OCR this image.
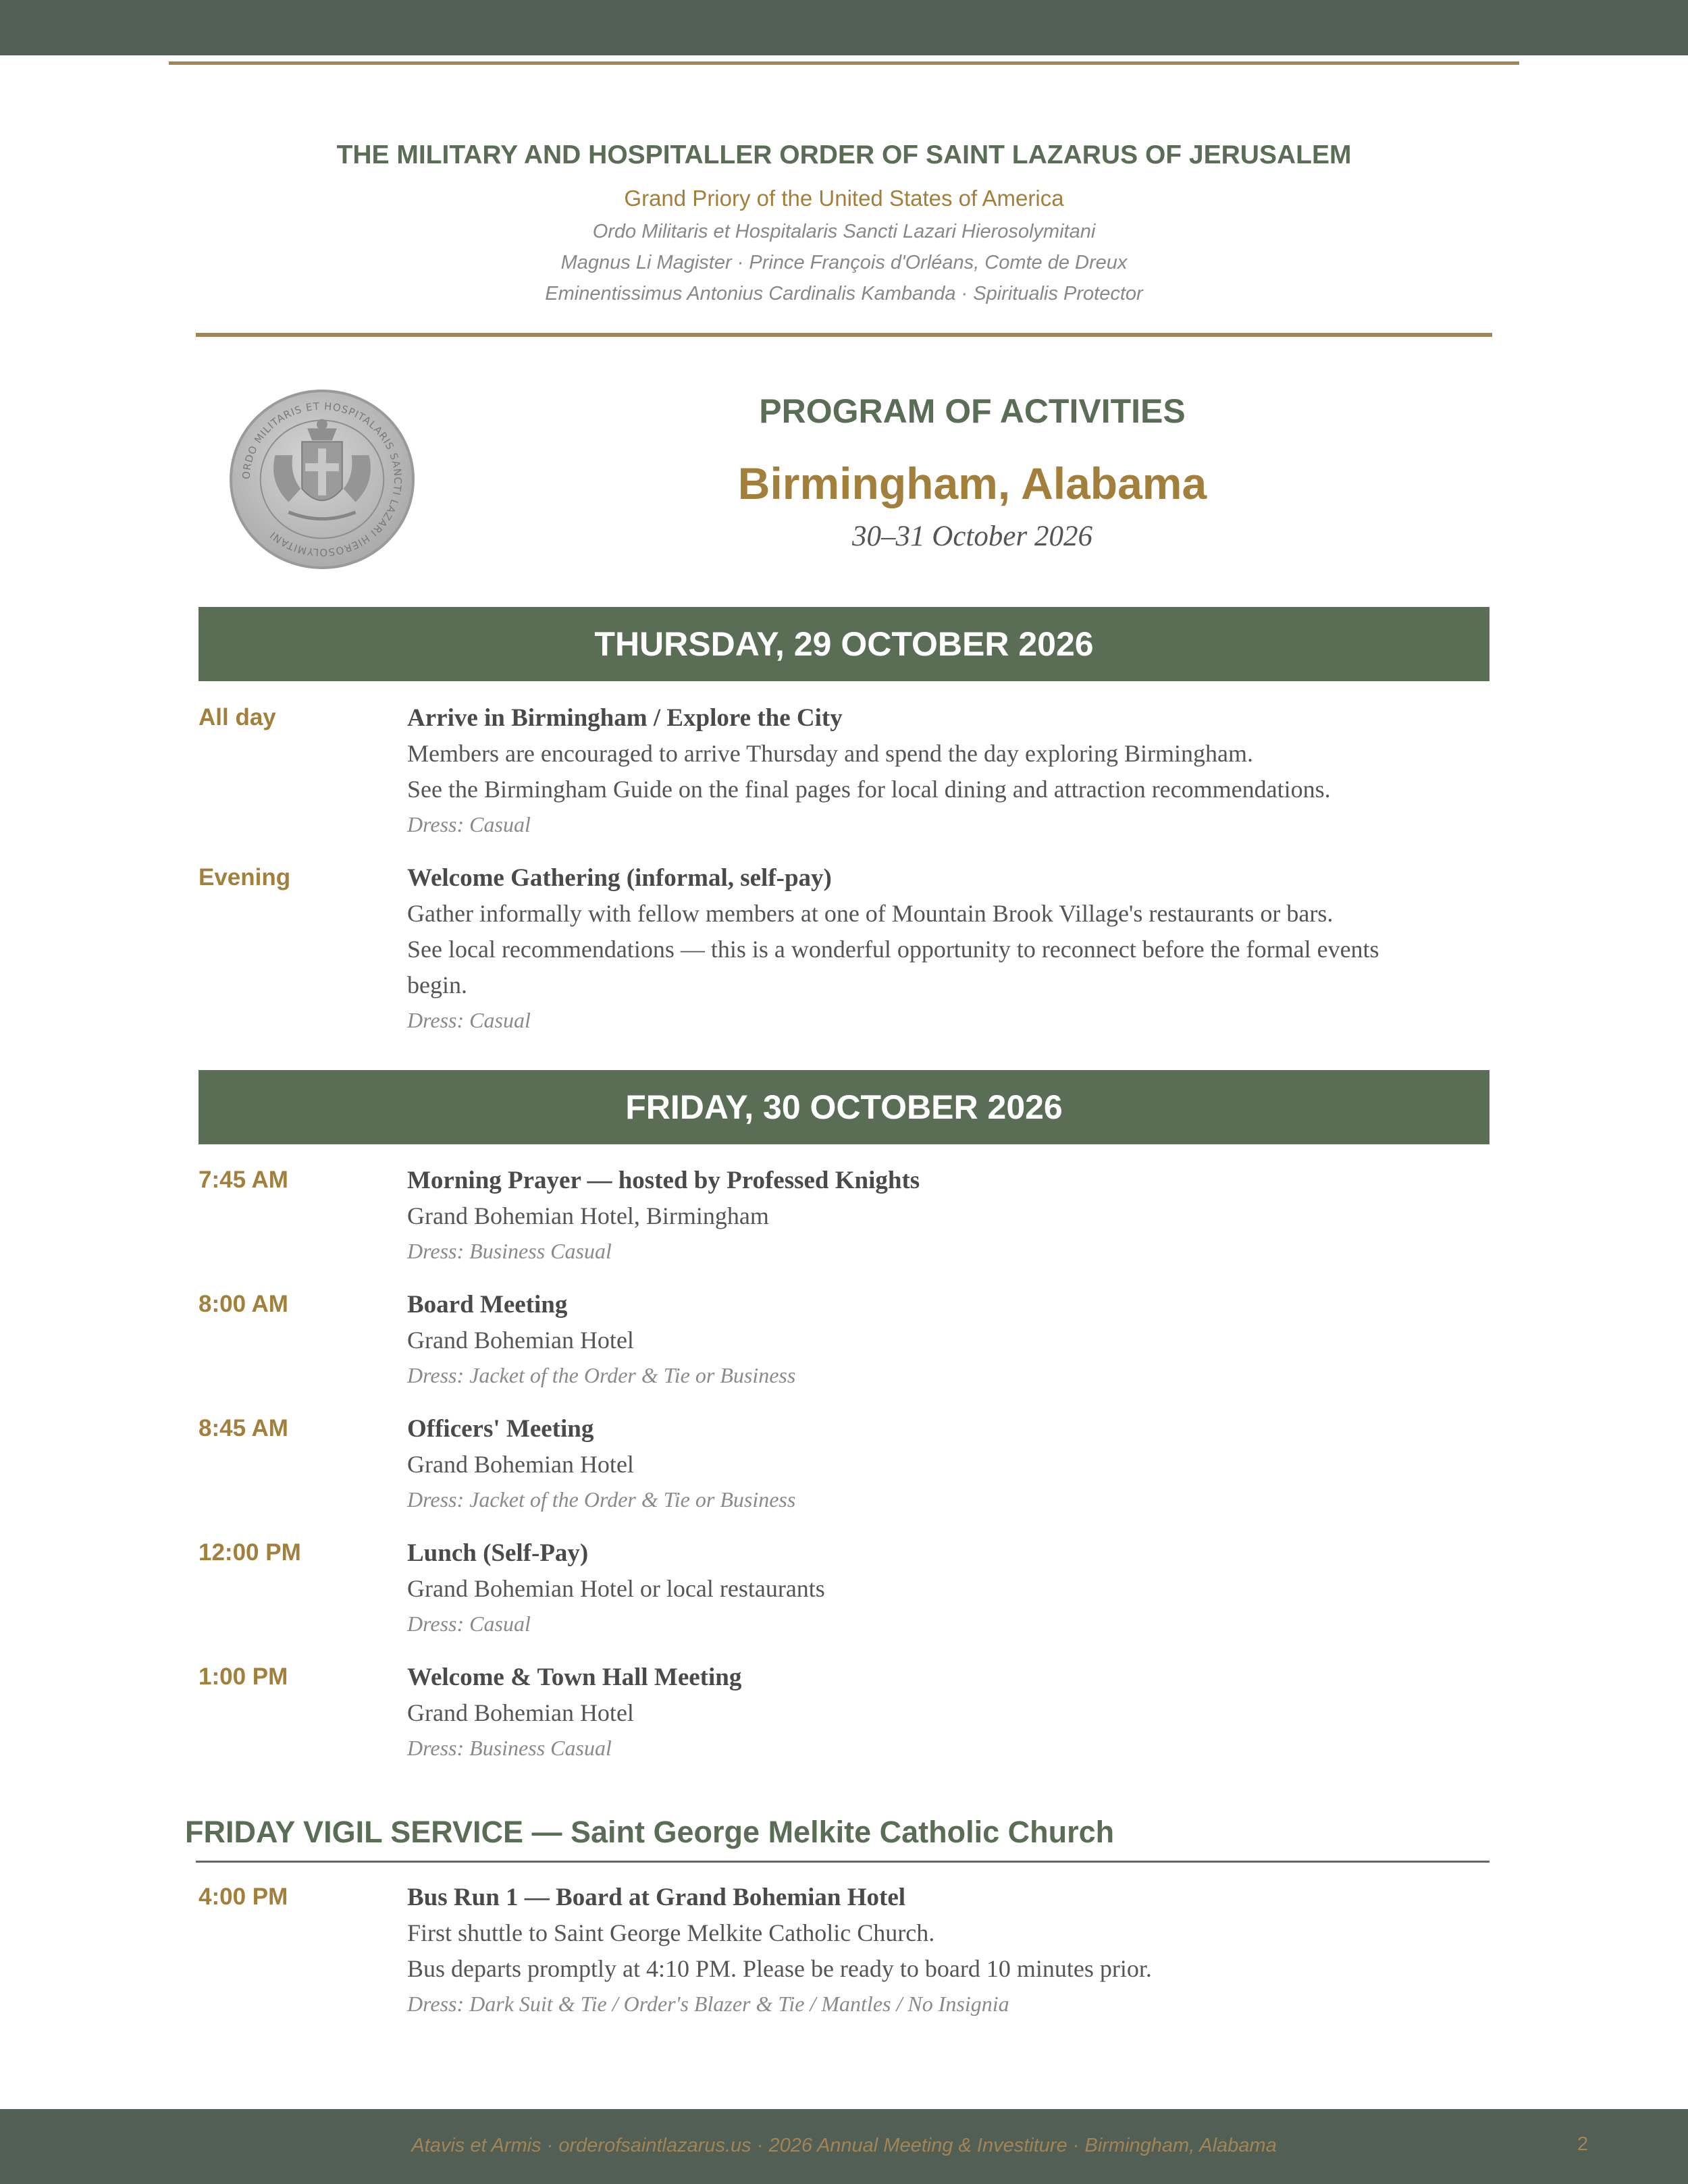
THE MILITARY AND HOSPITALLER ORDER OF SAINT LAZARUS OF JERUSALEM
Grand Priory of the United States of America
Ordo Militaris et Hospitalaris Sancti Lazari Hierosolymitani
Magnus Li Magister · Prince François d'Orléans, Comte de Dreux
Eminentissimus Antonius Cardinalis Kambanda · Spiritualis Protector
ORDO MILITARIS ET HOSPITALARIS SANCTI LAZARI HIEROSOLYMITANI
PROGRAM OF ACTIVITIES
Birmingham, Alabama
30–31 October 2026
THURSDAY, 29 OCTOBER 2026
All day	Arrive in Birmingham / Explore the City
Members are encouraged to arrive Thursday and spend the day exploring Birmingham.
See the Birmingham Guide on the final pages for local dining and attraction recommendations.
Dress: Casual
Evening	Welcome Gathering (informal, self-pay)
Gather informally with fellow members at one of Mountain Brook Village's restaurants or bars.
See local recommendations — this is a wonderful opportunity to reconnect before the formal events
begin.
Dress: Casual
FRIDAY, 30 OCTOBER 2026
7:45 AM	Morning Prayer — hosted by Professed Knights
Grand Bohemian Hotel, Birmingham
Dress: Business Casual
8:00 AM	Board Meeting
Grand Bohemian Hotel
Dress: Jacket of the Order & Tie or Business
8:45 AM	Officers' Meeting
Grand Bohemian Hotel
Dress: Jacket of the Order & Tie or Business
12:00 PM	Lunch (Self-Pay)
Grand Bohemian Hotel or local restaurants
Dress: Casual
1:00 PM	Welcome & Town Hall Meeting
Grand Bohemian Hotel
Dress: Business Casual
FRIDAY VIGIL SERVICE — Saint George Melkite Catholic Church
4:00 PM	Bus Run 1 — Board at Grand Bohemian Hotel
First shuttle to Saint George Melkite Catholic Church.
Bus departs promptly at 4:10 PM. Please be ready to board 10 minutes prior.
Dress: Dark Suit & Tie / Order's Blazer & Tie / Mantles / No Insignia
Atavis et Armis · orderofsaintlazarus.us · 2026 Annual Meeting & Investiture · Birmingham, Alabama	2
